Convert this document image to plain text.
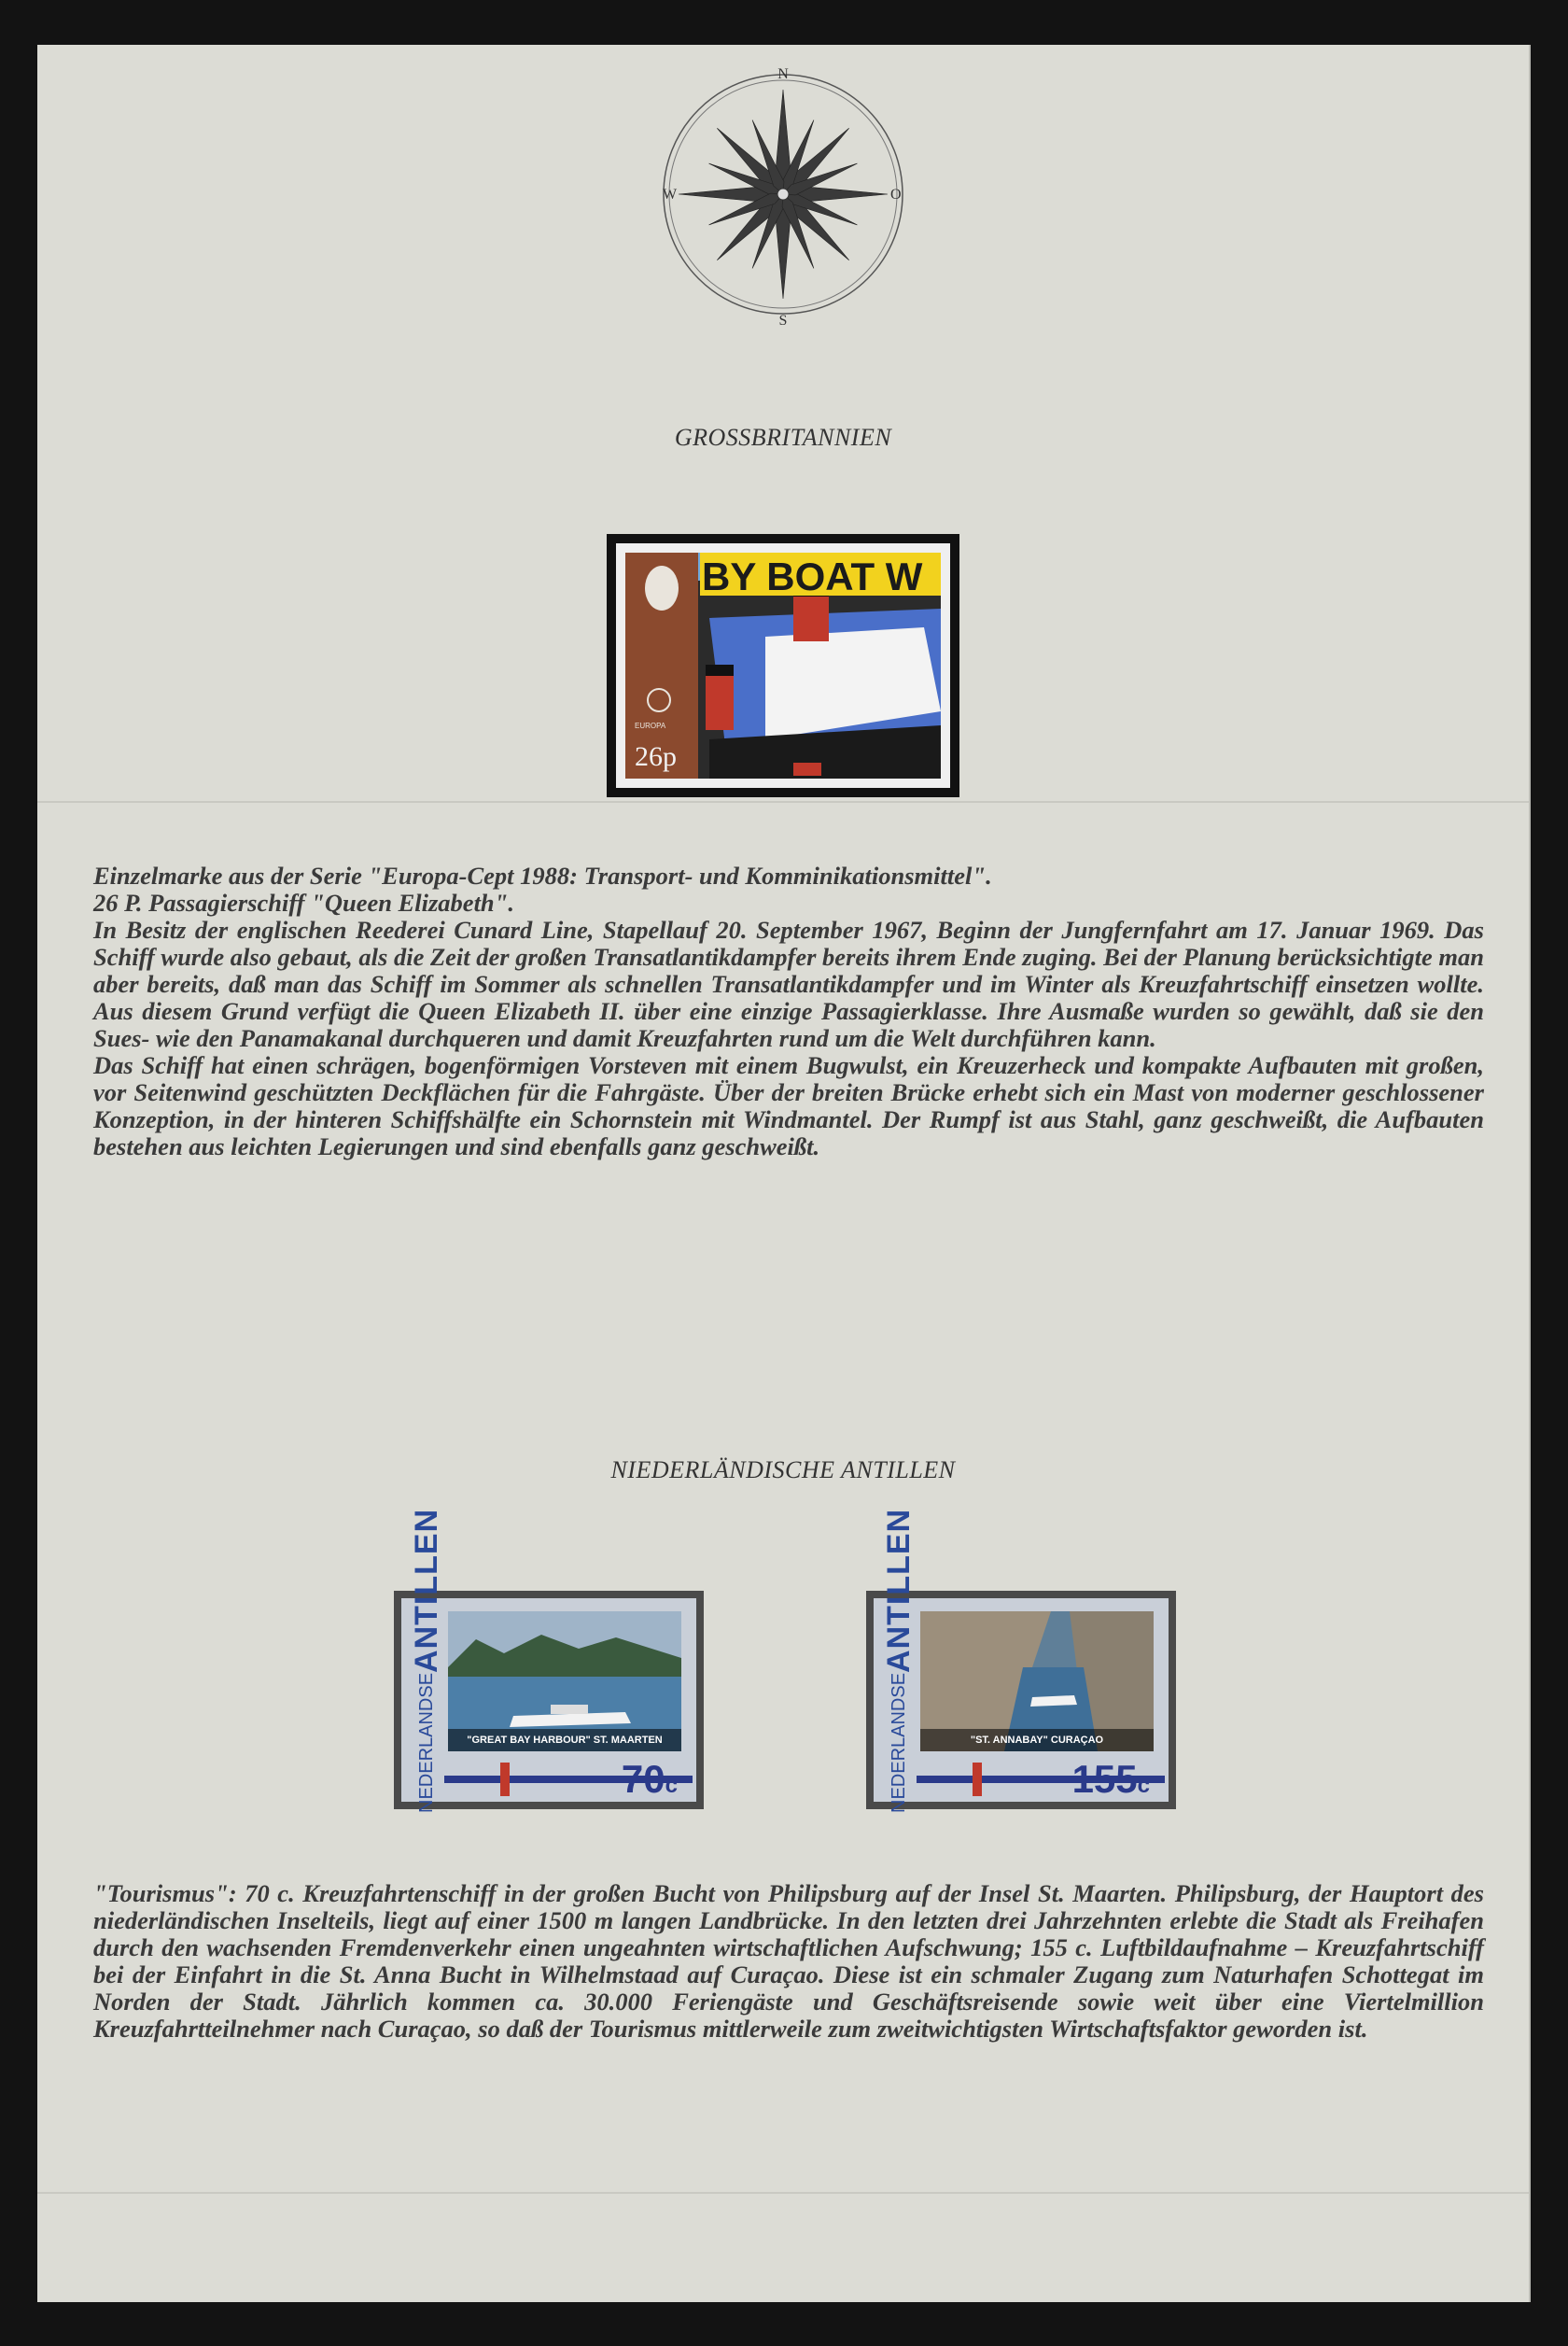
N
S
W	O
GROSSBRITANNIEN
BY BOAT W
EUROPA
26p

Einzelmarke aus der Serie "Europa-Cept 1988: Transport- und Komminikationsmittel".

26 P. Passagierschiff "Queen Elizabeth".

In Besitz der englischen Reederei Cunard Line, Stapellauf 20. September 1967, Beginn der Jungfernfahrt am 17. Januar 1969. Das Schiff wurde also gebaut, als die Zeit der großen Transatlantikdampfer bereits ihrem Ende zuging. Bei der Planung berücksichtigte man aber bereits, daß man das Schiff im Sommer als schnellen Transatlantikdampfer und im Winter als Kreuzfahrtschiff einsetzen wollte. Aus diesem Grund verfügt die Queen Elizabeth II. über eine einzige Passagierklasse. Ihre Ausmaße wurden so gewählt, daß sie den Sues- wie den Panamakanal durchqueren und damit Kreuzfahrten rund um die Welt durchführen kann.

Das Schiff hat einen schrägen, bogenförmigen Vorsteven mit einem Bugwulst, ein Kreuzerheck und kompakte Aufbauten mit großen, vor Seitenwind geschützten Deckflächen für die Fahrgäste. Über der breiten Brücke erhebt sich ein Mast von moderner geschlossener Konzeption, in der hinteren Schiffshälfte ein Schornstein mit Windmantel. Der Rumpf ist aus Stahl, ganz geschweißt, die Aufbauten bestehen aus leichten Legierungen und sind ebenfalls ganz geschweißt.

NIEDERLÄNDISCHE ANTILLEN
NEDERLANDSEANTILLEN
"GREAT BAY HARBOUR" ST. MAARTEN
70c	NEDERLANDSEANTILLEN
"ST. ANNABAY" CURAÇAO
155c

"Tourismus": 70 c. Kreuzfahrtenschiff in der großen Bucht von Philipsburg auf der Insel St. Maarten. Philipsburg, der Hauptort des niederländischen Inselteils, liegt auf einer 1500 m langen Landbrücke. In den letzten drei Jahrzehnten erlebte die Stadt als Freihafen durch den wachsenden Fremdenverkehr einen ungeahnten wirtschaftlichen Aufschwung; 155 c. Luftbildaufnahme – Kreuzfahrtschiff bei der Einfahrt in die St. Anna Bucht in Wilhelmstaad auf Curaçao. Diese ist ein schmaler Zugang zum Naturhafen Schottegat im Norden der Stadt. Jährlich kommen ca. 30.000 Feriengäste und Geschäftsreisende sowie weit über eine Viertelmillion Kreuzfahrtteilnehmer nach Curaçao, so daß der Tourismus mittlerweile zum zweitwichtigsten Wirtschaftsfaktor geworden ist.
